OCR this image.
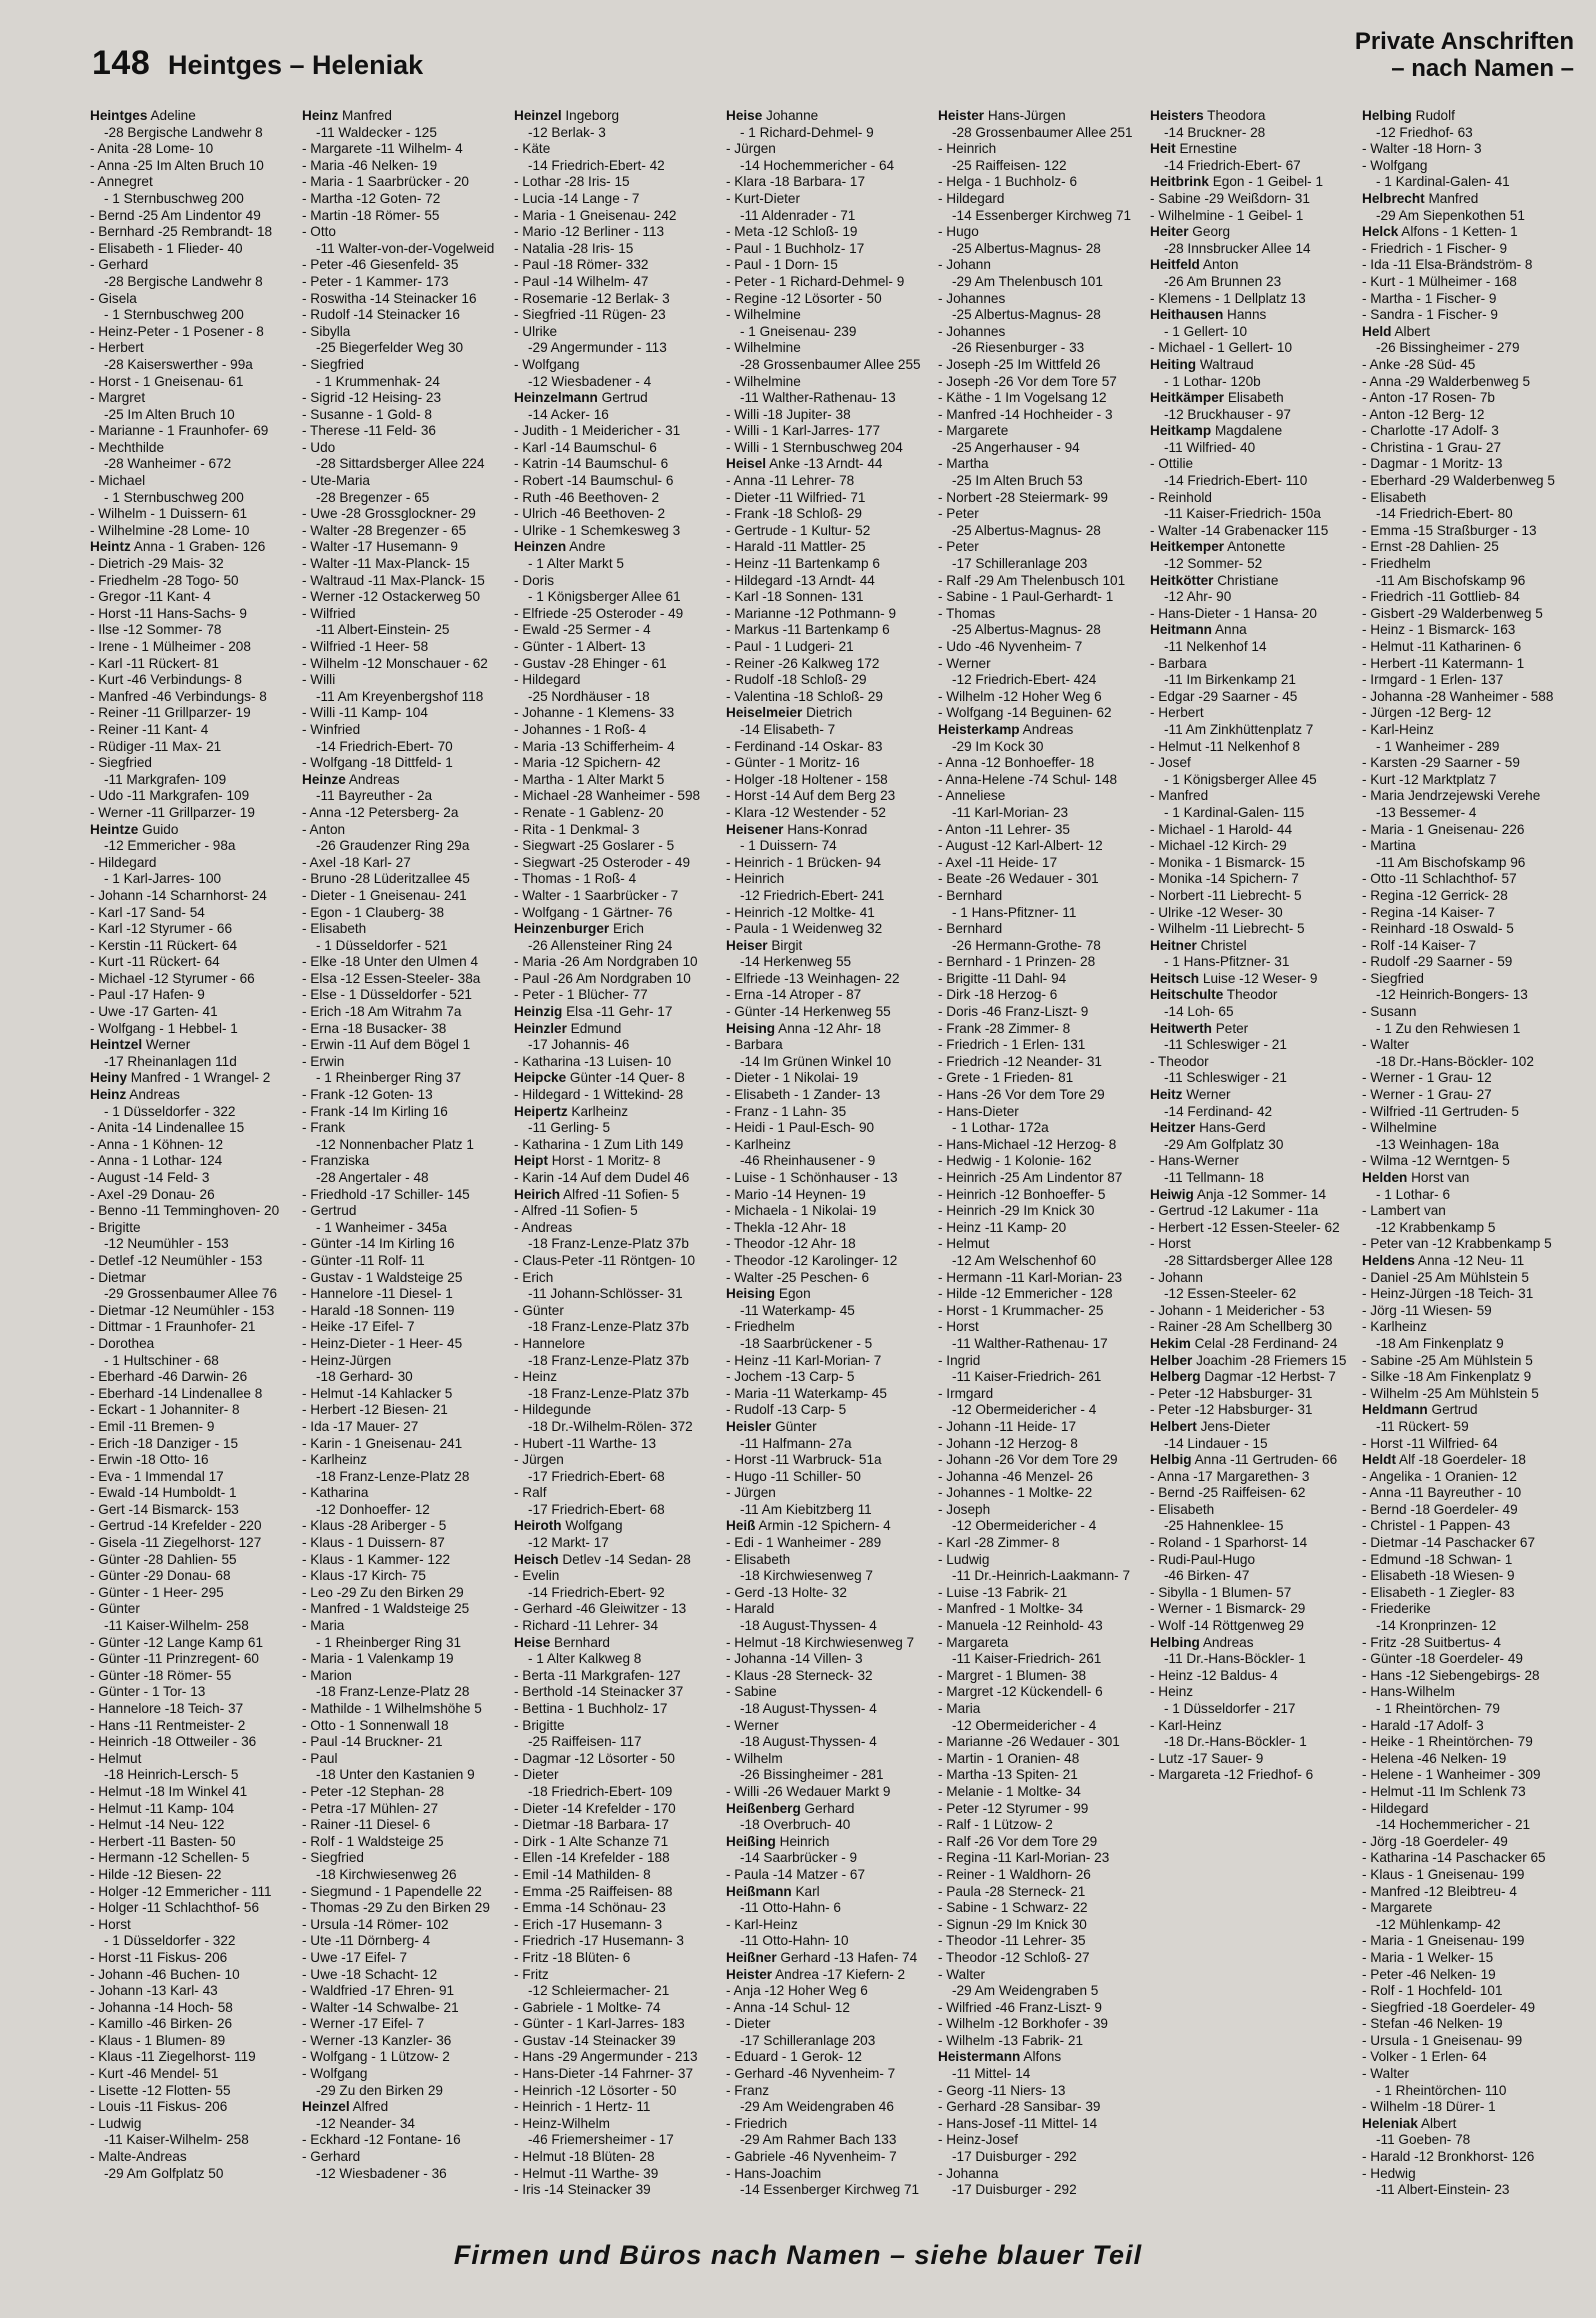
148 Heintges – Heleniak
Private Anschriften
– nach Namen –
Heintges Adeline
-28 Bergische Landwehr 8
- Anita -28 Lome- 10
- Anna -25 Im Alten Bruch 10
- Annegret
- 1 Sternbuschweg 200
- Bernd -25 Am Lindentor 49
- Bernhard -25 Rembrandt- 18
- Elisabeth - 1 Flieder- 40
- Gerhard
-28 Bergische Landwehr 8
- Gisela
- 1 Sternbuschweg 200
- Heinz-Peter - 1 Posener - 8
- Herbert
-28 Kaiserswerther - 99a
- Horst - 1 Gneisenau- 61
- Margret
-25 Im Alten Bruch 10
- Marianne - 1 Fraunhofer- 69
- Mechthilde
-28 Wanheimer - 672
- Michael
- 1 Sternbuschweg 200
- Wilhelm - 1 Duissern- 61
- Wilhelmine -28 Lome- 10
Heintz Anna - 1 Graben- 126
- Dietrich -29 Mais- 32
- Friedhelm -28 Togo- 50
- Gregor -11 Kant- 4
- Horst -11 Hans-Sachs- 9
- Ilse -12 Sommer- 78
- Irene - 1 Mülheimer - 208
- Karl -11 Rückert- 81
- Kurt -46 Verbindungs- 8
- Manfred -46 Verbindungs- 8
- Reiner -11 Grillparzer- 19
- Reiner -11 Kant- 4
- Rüdiger -11 Max- 21
- Siegfried
-11 Markgrafen- 109
- Udo -11 Markgrafen- 109
- Werner -11 Grillparzer- 19
Heintze Guido
-12 Emmericher - 98a
- Hildegard
- 1 Karl-Jarres- 100
- Johann -14 Scharnhorst- 24
- Karl -17 Sand- 54
- Karl -12 Styrumer - 66
- Kerstin -11 Rückert- 64
- Kurt -11 Rückert- 64
- Michael -12 Styrumer - 66
- Paul -17 Hafen- 9
- Uwe -17 Garten- 41
- Wolfgang - 1 Hebbel- 1
Heintzel Werner
-17 Rheinanlagen 11d
Heiny Manfred - 1 Wrangel- 2
Heinz Andreas
- 1 Düsseldorfer - 322
- Anita -14 Lindenallee 15
- Anna - 1 Köhnen- 12
- Anna - 1 Lothar- 124
- August -14 Feld- 3
- Axel -29 Donau- 26
- Benno -11 Temminghoven- 20
- Brigitte
-12 Neumühler - 153
- Detlef -12 Neumühler - 153
- Dietmar
-29 Grossenbaumer Allee 76
- Dietmar -12 Neumühler - 153
- Dittmar - 1 Fraunhofer- 21
- Dorothea
- 1 Hultschiner - 68
- Eberhard -46 Darwin- 26
- Eberhard -14 Lindenallee 8
- Eckart - 1 Johanniter- 8
- Emil -11 Bremen- 9
- Erich -18 Danziger - 15
- Erwin -18 Otto- 16
- Eva - 1 Immendal 17
- Ewald -14 Humboldt- 1
- Gert -14 Bismarck- 153
- Gertrud -14 Krefelder - 220
- Gisela -11 Ziegelhorst- 127
- Günter -28 Dahlien- 55
- Günter -29 Donau- 68
- Günter - 1 Heer- 295
- Günter
-11 Kaiser-Wilhelm- 258
- Günter -12 Lange Kamp 61
- Günter -11 Prinzregent- 60
- Günter -18 Römer- 55
- Günter - 1 Tor- 13
- Hannelore -18 Teich- 37
- Hans -11 Rentmeister- 2
- Heinrich -18 Ottweiler - 36
- Helmut
-18 Heinrich-Lersch- 5
- Helmut -18 Im Winkel 41
- Helmut -11 Kamp- 104
- Helmut -14 Neu- 122
- Herbert -11 Basten- 50
- Hermann -12 Schellen- 5
- Hilde -12 Biesen- 22
- Holger -12 Emmericher - 111
- Holger -11 Schlachthof- 56
- Horst
- 1 Düsseldorfer - 322
- Horst -11 Fiskus- 206
- Johann -46 Buchen- 10
- Johann -13 Karl- 43
- Johanna -14 Hoch- 58
- Kamillo -46 Birken- 26
- Klaus - 1 Blumen- 89
- Klaus -11 Ziegelhorst- 119
- Kurt -46 Mendel- 51
- Lisette -12 Flotten- 55
- Louis -11 Fiskus- 206
- Ludwig
-11 Kaiser-Wilhelm- 258
- Malte-Andreas
-29 Am Golfplatz 50
Heinz Manfred
-11 Waldecker - 125
- Margarete -11 Wilhelm- 4
- Maria -46 Nelken- 19
- Maria - 1 Saarbrücker - 20
- Martha -12 Goten- 72
- Martin -18 Römer- 55
- Otto
-11 Walter-von-der-Vogelweid
- Peter -46 Giesenfeld- 35
- Peter - 1 Kammer- 173
- Roswitha -14 Steinacker 16
- Rudolf -14 Steinacker 16
- Sibylla
-25 Biegerfelder Weg 30
- Siegfried
- 1 Krummenhak- 24
- Sigrid -12 Heising- 23
- Susanne - 1 Gold- 8
- Therese -11 Feld- 36
- Udo
-28 Sittardsberger Allee 224
- Ute-Maria
-28 Bregenzer - 65
- Uwe -28 Grossglockner- 29
- Walter -28 Bregenzer - 65
- Walter -17 Husemann- 9
- Walter -11 Max-Planck- 15
- Waltraud -11 Max-Planck- 15
- Werner -12 Ostackerweg 50
- Wilfried
-11 Albert-Einstein- 25
- Wilfried -1 Heer- 58
- Wilhelm -12 Monschauer - 62
- Willi
-11 Am Kreyenbergshof 118
- Willi -11 Kamp- 104
- Winfried
-14 Friedrich-Ebert- 70
- Wolfgang -18 Dittfeld- 1
Heinze Andreas
-11 Bayreuther - 2a
- Anna -12 Petersberg- 2a
- Anton
-26 Graudenzer Ring 29a
- Axel -18 Karl- 27
- Bruno -28 Lüderitzallee 45
- Dieter - 1 Gneisenau- 241
- Egon - 1 Clauberg- 38
- Elisabeth
- 1 Düsseldorfer - 521
- Elke -18 Unter den Ulmen 4
- Elsa -12 Essen-Steeler- 38a
- Else - 1 Düsseldorfer - 521
- Erich -18 Am Witrahm 7a
- Erna -18 Busacker- 38
- Erwin -11 Auf dem Bögel 1
- Erwin
- 1 Rheinberger Ring 37
- Frank -12 Goten- 13
- Frank -14 Im Kirling 16
- Frank
-12 Nonnenbacher Platz 1
- Franziska
-28 Angertaler - 48
- Friedhold -17 Schiller- 145
- Gertrud
- 1 Wanheimer - 345a
- Günter -14 Im Kirling 16
- Günter -11 Rolf- 11
- Gustav - 1 Waldsteige 25
- Hannelore -11 Diesel- 1
- Harald -18 Sonnen- 119
- Heike -17 Eifel- 7
- Heinz-Dieter - 1 Heer- 45
- Heinz-Jürgen
-18 Gerhard- 30
- Helmut -14 Kahlacker 5
- Herbert -12 Biesen- 21
- Ida -17 Mauer- 27
- Karin - 1 Gneisenau- 241
- Karlheinz
-18 Franz-Lenze-Platz 28
- Katharina
-12 Donhoeffer- 12
- Klaus -28 Ariberger - 5
- Klaus - 1 Duissern- 87
- Klaus - 1 Kammer- 122
- Klaus -17 Kirch- 75
- Leo -29 Zu den Birken 29
- Manfred - 1 Waldsteige 25
- Maria
- 1 Rheinberger Ring 31
- Maria - 1 Valenkamp 19
- Marion
-18 Franz-Lenze-Platz 28
- Mathilde - 1 Wilhelmshöhe 5
- Otto - 1 Sonnenwall 18
- Paul -14 Bruckner- 21
- Paul
-18 Unter den Kastanien 9
- Peter -12 Stephan- 28
- Petra -17 Mühlen- 27
- Rainer -11 Diesel- 6
- Rolf - 1 Waldsteige 25
- Siegfried
-18 Kirchwiesenweg 26
- Siegmund - 1 Papendelle 22
- Thomas -29 Zu den Birken 29
- Ursula -14 Römer- 102
- Ute -11 Dörnberg- 4
- Uwe -17 Eifel- 7
- Uwe -18 Schacht- 12
- Waldfried -17 Ehren- 91
- Walter -14 Schwalbe- 21
- Werner -17 Eifel- 7
- Werner -13 Kanzler- 36
- Wolfgang - 1 Lützow- 2
- Wolfgang
-29 Zu den Birken 29
Heinzel Alfred
-12 Neander- 34
- Eckhard -12 Fontane- 16
- Gerhard
-12 Wiesbadener - 36
Heinzel Ingeborg
-12 Berlak- 3
- Käte
-14 Friedrich-Ebert- 42
- Lothar -28 Iris- 15
- Lucia -14 Lange - 7
- Maria - 1 Gneisenau- 242
- Mario -12 Berliner - 113
- Natalia -28 Iris- 15
- Paul -18 Römer- 332
- Paul -14 Wilhelm- 47
- Rosemarie -12 Berlak- 3
- Siegfried -11 Rügen- 23
- Ulrike
-29 Angermunder - 113
- Wolfgang
-12 Wiesbadener - 4
Heinzelmann Gertrud
-14 Acker- 16
- Judith - 1 Meidericher - 31
- Karl -14 Baumschul- 6
- Katrin -14 Baumschul- 6
- Robert -14 Baumschul- 6
- Ruth -46 Beethoven- 2
- Ulrich -46 Beethoven- 2
- Ulrike - 1 Schemkesweg 3
Heinzen Andre
- 1 Alter Markt 5
- Doris
- 1 Königsberger Allee 61
- Elfriede -25 Osteroder - 49
- Ewald -25 Sermer - 4
- Günter - 1 Albert- 13
- Gustav -28 Ehinger - 61
- Hildegard
-25 Nordhäuser - 18
- Johanne - 1 Klemens- 33
- Johannes - 1 Roß- 4
- Maria -13 Schifferheim- 4
- Maria -12 Spichern- 42
- Martha - 1 Alter Markt 5
- Michael -28 Wanheimer - 598
- Renate - 1 Gablenz- 20
- Rita - 1 Denkmal- 3
- Siegwart -25 Goslarer - 5
- Siegwart -25 Osteroder - 49
- Thomas - 1 Roß- 4
- Walter - 1 Saarbrücker - 7
- Wolfgang - 1 Gärtner- 76
Heinzenburger Erich
-26 Allensteiner Ring 24
- Maria -26 Am Nordgraben 10
- Paul -26 Am Nordgraben 10
- Peter - 1 Blücher- 77
Heinzig Elsa -11 Gehr- 17
Heinzler Edmund
-17 Johannis- 46
- Katharina -13 Luisen- 10
Heipcke Günter -14 Quer- 8
- Hildegard - 1 Wittekind- 28
Heipertz Karlheinz
-11 Gerling- 5
- Katharina - 1 Zum Lith 149
Heipt Horst - 1 Moritz- 8
- Karin -14 Auf dem Dudel 46
Heirich Alfred -11 Sofien- 5
- Alfred -11 Sofien- 5
- Andreas
-18 Franz-Lenze-Platz 37b
- Claus-Peter -11 Röntgen- 10
- Erich
-11 Johann-Schlösser- 31
- Günter
-18 Franz-Lenze-Platz 37b
- Hannelore
-18 Franz-Lenze-Platz 37b
- Heinz
-18 Franz-Lenze-Platz 37b
- Hildegunde
-18 Dr.-Wilhelm-Rölen- 372
- Hubert -11 Warthe- 13
- Jürgen
-17 Friedrich-Ebert- 68
- Ralf
-17 Friedrich-Ebert- 68
Heiroth Wolfgang
-12 Markt- 17
Heisch Detlev -14 Sedan- 28
- Evelin
-14 Friedrich-Ebert- 92
- Gerhard -46 Gleiwitzer - 13
- Richard -11 Lehrer- 34
Heise Bernhard
- 1 Alter Kalkweg 8
- Berta -11 Markgrafen- 127
- Berthold -14 Steinacker 37
- Bettina - 1 Buchholz- 17
- Brigitte
-25 Raiffeisen- 117
- Dagmar -12 Lösorter - 50
- Dieter
-18 Friedrich-Ebert- 109
- Dieter -14 Krefelder - 170
- Dietmar -18 Barbara- 17
- Dirk - 1 Alte Schanze 71
- Ellen -14 Krefelder - 188
- Emil -14 Mathilden- 8
- Emma -25 Raiffeisen- 88
- Emma -14 Schönau- 23
- Erich -17 Husemann- 3
- Friedrich -17 Husemann- 3
- Fritz -18 Blüten- 6
- Fritz
-12 Schleiermacher- 21
- Gabriele - 1 Moltke- 74
- Günter - 1 Karl-Jarres- 183
- Gustav -14 Steinacker 39
- Hans -29 Angermunder - 213
- Hans-Dieter -14 Fahrner- 37
- Heinrich -12 Lösorter - 50
- Heinrich - 1 Hertz- 11
- Heinz-Wilhelm
-46 Friemersheimer - 17
- Helmut -18 Blüten- 28
- Helmut -11 Warthe- 39
- Iris -14 Steinacker 39
Heise Johanne
- 1 Richard-Dehmel- 9
- Jürgen
-14 Hochemmericher - 64
- Klara -18 Barbara- 17
- Kurt-Dieter
-11 Aldenrader - 71
- Meta -12 Schloß- 19
- Paul - 1 Buchholz- 17
- Paul - 1 Dorn- 15
- Peter - 1 Richard-Dehmel- 9
- Regine -12 Lösorter - 50
- Wilhelmine
- 1 Gneisenau- 239
- Wilhelmine
-28 Grossenbaumer Allee 255
- Wilhelmine
-11 Walther-Rathenau- 13
- Willi -18 Jupiter- 38
- Willi - 1 Karl-Jarres- 177
- Willi - 1 Sternbuschweg 204
Heisel Anke -13 Arndt- 44
- Anna -11 Lehrer- 78
- Dieter -11 Wilfried- 71
- Frank -18 Schloß- 29
- Gertrude - 1 Kultur- 52
- Harald -11 Mattler- 25
- Heinz -11 Bartenkamp 6
- Hildegard -13 Arndt- 44
- Karl -18 Sonnen- 131
- Marianne -12 Pothmann- 9
- Markus -11 Bartenkamp 6
- Paul - 1 Ludgeri- 21
- Reiner -26 Kalkweg 172
- Rudolf -18 Schloß- 29
- Valentina -18 Schloß- 29
Heiselmeier Dietrich
-14 Elisabeth- 7
- Ferdinand -14 Oskar- 83
- Günter - 1 Moritz- 16
- Holger -18 Holtener - 158
- Horst -14 Auf dem Berg 23
- Klara -12 Westender - 52
Heisener Hans-Konrad
- 1 Duissern- 74
- Heinrich - 1 Brücken- 94
- Heinrich
-12 Friedrich-Ebert- 241
- Heinrich -12 Moltke- 41
- Paula - 1 Weidenweg 32
Heiser Birgit
-14 Herkenweg 55
- Elfriede -13 Weinhagen- 22
- Erna -14 Atroper - 87
- Günter -14 Herkenweg 55
Heising Anna -12 Ahr- 18
- Barbara
-14 Im Grünen Winkel 10
- Dieter - 1 Nikolai- 19
- Elisabeth - 1 Zander- 13
- Franz - 1 Lahn- 35
- Heidi - 1 Paul-Esch- 90
- Karlheinz
-46 Rheinhausener - 9
- Luise - 1 Schönhauser - 13
- Mario -14 Heynen- 19
- Michaela - 1 Nikolai- 19
- Thekla -12 Ahr- 18
- Theodor -12 Ahr- 18
- Theodor -12 Karolinger- 12
- Walter -25 Peschen- 6
Heising Egon
-11 Waterkamp- 45
- Friedhelm
-18 Saarbrückener - 5
- Heinz -11 Karl-Morian- 7
- Jochem -13 Carp- 5
- Maria -11 Waterkamp- 45
- Rudolf -13 Carp- 5
Heisler Günter
-11 Halfmann- 27a
- Horst -11 Warbruck- 51a
- Hugo -11 Schiller- 50
- Jürgen
-11 Am Kiebitzberg 11
Heiß Armin -12 Spichern- 4
- Edi - 1 Wanheimer - 289
- Elisabeth
-18 Kirchwiesenweg 7
- Gerd -13 Holte- 32
- Harald
-18 August-Thyssen- 4
- Helmut -18 Kirchwiesenweg 7
- Johanna -14 Villen- 3
- Klaus -28 Sterneck- 32
- Sabine
-18 August-Thyssen- 4
- Werner
-18 August-Thyssen- 4
- Wilhelm
-26 Bissingheimer - 281
- Willi -26 Wedauer Markt 9
Heißenberg Gerhard
-18 Overbruch- 40
Heißing Heinrich
-14 Saarbrücker - 9
- Paula -14 Matzer - 67
Heißmann Karl
-11 Otto-Hahn- 6
- Karl-Heinz
-11 Otto-Hahn- 10
Heißner Gerhard -13 Hafen- 74
Heister Andrea -17 Kiefern- 2
- Anja -12 Hoher Weg 6
- Anna -14 Schul- 12
- Dieter
-17 Schilleranlage 203
- Eduard - 1 Gerok- 12
- Gerhard -46 Nyvenheim- 7
- Franz
-29 Am Weidengraben 46
- Friedrich
-29 Am Rahmer Bach 133
- Gabriele -46 Nyvenheim- 7
- Hans-Joachim
-14 Essenberger Kirchweg 71
Heister Hans-Jürgen
-28 Grossenbaumer Allee 251
- Heinrich
-25 Raiffeisen- 122
- Helga - 1 Buchholz- 6
- Hildegard
-14 Essenberger Kirchweg 71
- Hugo
-25 Albertus-Magnus- 28
- Johann
-29 Am Thelenbusch 101
- Johannes
-25 Albertus-Magnus- 28
- Johannes
-26 Riesenburger - 33
- Joseph -25 Im Wittfeld 26
- Joseph -26 Vor dem Tore 57
- Käthe - 1 Im Vogelsang 12
- Manfred -14 Hochheider - 3
- Margarete
-25 Angerhauser - 94
- Martha
-25 Im Alten Bruch 53
- Norbert -28 Steiermark- 99
- Peter
-25 Albertus-Magnus- 28
- Peter
-17 Schilleranlage 203
- Ralf -29 Am Thelenbusch 101
- Sabine - 1 Paul-Gerhardt- 1
- Thomas
-25 Albertus-Magnus- 28
- Udo -46 Nyvenheim- 7
- Werner
-12 Friedrich-Ebert- 424
- Wilhelm -12 Hoher Weg 6
- Wolfgang -14 Beguinen- 62
Heisterkamp Andreas
-29 Im Kock 30
- Anna -12 Bonhoeffer- 18
- Anna-Helene -74 Schul- 148
- Anneliese
-11 Karl-Morian- 23
- Anton -11 Lehrer- 35
- August -12 Karl-Albert- 12
- Axel -11 Heide- 17
- Beate -26 Wedauer - 301
- Bernhard
- 1 Hans-Pfitzner- 11
- Bernhard
-26 Hermann-Grothe- 78
- Bernhard - 1 Prinzen- 28
- Brigitte -11 Dahl- 94
- Dirk -18 Herzog- 6
- Doris -46 Franz-Liszt- 9
- Frank -28 Zimmer- 8
- Friedrich - 1 Erlen- 131
- Friedrich -12 Neander- 31
- Grete - 1 Frieden- 81
- Hans -26 Vor dem Tore 29
- Hans-Dieter
- 1 Lothar- 172a
- Hans-Michael -12 Herzog- 8
- Hedwig - 1 Kolonie- 162
- Heinrich -25 Am Lindentor 87
- Heinrich -12 Bonhoeffer- 5
- Heinrich -29 Im Knick 30
- Heinz -11 Kamp- 20
- Helmut
-12 Am Welschenhof 60
- Hermann -11 Karl-Morian- 23
- Hilde -12 Emmericher - 128
- Horst - 1 Krummacher- 25
- Horst
-11 Walther-Rathenau- 17
- Ingrid
-11 Kaiser-Friedrich- 261
- Irmgard
-12 Obermeidericher - 4
- Johann -11 Heide- 17
- Johann -12 Herzog- 8
- Johann -26 Vor dem Tore 29
- Johanna -46 Menzel- 26
- Johannes - 1 Moltke- 22
- Joseph
-12 Obermeidericher - 4
- Karl -28 Zimmer- 8
- Ludwig
-11 Dr.-Heinrich-Laakmann- 7
- Luise -13 Fabrik- 21
- Manfred - 1 Moltke- 34
- Manuela -12 Reinhold- 43
- Margareta
-11 Kaiser-Friedrich- 261
- Margret - 1 Blumen- 38
- Margret -12 Kückendell- 6
- Maria
-12 Obermeidericher - 4
- Marianne -26 Wedauer - 301
- Martin - 1 Oranien- 48
- Martha -13 Spiten- 21
- Melanie - 1 Moltke- 34
- Peter -12 Styrumer - 99
- Ralf - 1 Lützow- 2
- Ralf -26 Vor dem Tore 29
- Regina -11 Karl-Morian- 23
- Reiner - 1 Waldhorn- 26
- Paula -28 Sterneck- 21
- Sabine - 1 Schwarz- 22
- Signun -29 Im Knick 30
- Theodor -11 Lehrer- 35
- Theodor -12 Schloß- 27
- Walter
-29 Am Weidengraben 5
- Wilfried -46 Franz-Liszt- 9
- Wilhelm -12 Borkhofer - 39
- Wilhelm -13 Fabrik- 21
Heistermann Alfons
-11 Mittel- 14
- Georg -11 Niers- 13
- Gerhard -28 Sansibar- 39
- Hans-Josef -11 Mittel- 14
- Heinz-Josef
-17 Duisburger - 292
- Johanna
-17 Duisburger - 292
Heisters Theodora
-14 Bruckner- 28
Heit Ernestine
-14 Friedrich-Ebert- 67
Heitbrink Egon - 1 Geibel- 1
- Sabine -29 Weißdorn- 31
- Wilhelmine - 1 Geibel- 1
Heiter Georg
-28 Innsbrucker Allee 14
Heitfeld Anton
-26 Am Brunnen 23
- Klemens - 1 Dellplatz 13
Heithausen Hanns
- 1 Gellert- 10
- Michael - 1 Gellert- 10
Heiting Waltraud
- 1 Lothar- 120b
Heitkämper Elisabeth
-12 Bruckhauser - 97
Heitkamp Magdalene
-11 Wilfried- 40
- Ottilie
-14 Friedrich-Ebert- 110
- Reinhold
-11 Kaiser-Friedrich- 150a
- Walter -14 Grabenacker 115
Heitkemper Antonette
-12 Sommer- 52
Heitkötter Christiane
-12 Ahr- 90
- Hans-Dieter - 1 Hansa- 20
Heitmann Anna
-11 Nelkenhof 14
- Barbara
-11 Im Birkenkamp 21
- Edgar -29 Saarner - 45
- Herbert
-11 Am Zinkhüttenplatz 7
- Helmut -11 Nelkenhof 8
- Josef
- 1 Königsberger Allee 45
- Manfred
- 1 Kardinal-Galen- 115
- Michael - 1 Harold- 44
- Michael -12 Kirch- 29
- Monika - 1 Bismarck- 15
- Monika -14 Spichern- 7
- Norbert -11 Liebrecht- 5
- Ulrike -12 Weser- 30
- Wilhelm -11 Liebrecht- 5
Heitner Christel
- 1 Hans-Pfitzner- 31
Heitsch Luise -12 Weser- 9
Heitschulte Theodor
-14 Loh- 65
Heitwerth Peter
-11 Schleswiger - 21
- Theodor
-11 Schleswiger - 21
Heitz Werner
-14 Ferdinand- 42
Heitzer Hans-Gerd
-29 Am Golfplatz 30
- Hans-Werner
-11 Tellmann- 18
Heiwig Anja -12 Sommer- 14
- Gertrud -12 Lakumer - 11a
- Herbert -12 Essen-Steeler- 62
- Horst
-28 Sittardsberger Allee 128
- Johann
-12 Essen-Steeler- 62
- Johann - 1 Meidericher - 53
- Rainer -28 Am Schellberg 30
Hekim Celal -28 Ferdinand- 24
Helber Joachim -28 Friemers 15
Helberg Dagmar -12 Herbst- 7
- Peter -12 Habsburger- 31
- Peter -12 Habsburger- 31
Helbert Jens-Dieter
-14 Lindauer - 15
Helbig Anna -11 Gertruden- 66
- Anna -17 Margarethen- 3
- Bernd -25 Raiffeisen- 62
- Elisabeth
-25 Hahnenklee- 15
- Roland - 1 Sparhorst- 14
- Rudi-Paul-Hugo
-46 Birken- 47
- Sibylla - 1 Blumen- 57
- Werner - 1 Bismarck- 29
- Wolf -14 Röttgenweg 29
Helbing Andreas
-11 Dr.-Hans-Böckler- 1
- Heinz -12 Baldus- 4
- Heinz
- 1 Düsseldorfer - 217
- Karl-Heinz
-18 Dr.-Hans-Böckler- 1
- Lutz -17 Sauer- 9
- Margareta -12 Friedhof- 6
Helbing Rudolf
-12 Friedhof- 63
- Walter -18 Horn- 3
- Wolfgang
- 1 Kardinal-Galen- 41
Helbrecht Manfred
-29 Am Siepenkothen 51
Helck Alfons - 1 Ketten- 1
- Friedrich - 1 Fischer- 9
- Ida -11 Elsa-Brändström- 8
- Kurt - 1 Mülheimer - 168
- Martha - 1 Fischer- 9
- Sandra - 1 Fischer- 9
Held Albert
-26 Bissingheimer - 279
- Anke -28 Süd- 45
- Anna -29 Walderbenweg 5
- Anton -17 Rosen- 7b
- Anton -12 Berg- 12
- Charlotte -17 Adolf- 3
- Christina - 1 Grau- 27
- Dagmar - 1 Moritz- 13
- Eberhard -29 Walderbenweg 5
- Elisabeth
-14 Friedrich-Ebert- 80
- Emma -15 Straßburger - 13
- Ernst -28 Dahlien- 25
- Friedhelm
-11 Am Bischofskamp 96
- Friedrich -11 Gottlieb- 84
- Gisbert -29 Walderbenweg 5
- Heinz - 1 Bismarck- 163
- Helmut -11 Katharinen- 6
- Herbert -11 Katermann- 1
- Irmgard - 1 Erlen- 137
- Johanna -28 Wanheimer - 588
- Jürgen -12 Berg- 12
- Karl-Heinz
- 1 Wanheimer - 289
- Karsten -29 Saarner - 59
- Kurt -12 Marktplatz 7
- Maria Jendrzejewski Verehe
-13 Bessemer- 4
- Maria - 1 Gneisenau- 226
- Martina
-11 Am Bischofskamp 96
- Otto -11 Schlachthof- 57
- Regina -12 Gerrick- 28
- Regina -14 Kaiser- 7
- Reinhard -18 Oswald- 5
- Rolf -14 Kaiser- 7
- Rudolf -29 Saarner - 59
- Siegfried
-12 Heinrich-Bongers- 13
- Susann
- 1 Zu den Rehwiesen 1
- Walter
-18 Dr.-Hans-Böckler- 102
- Werner - 1 Grau- 12
- Werner - 1 Grau- 27
- Wilfried -11 Gertruden- 5
- Wilhelmine
-13 Weinhagen- 18a
- Wilma -12 Werntgen- 5
Helden Horst van
- 1 Lothar- 6
- Lambert van
-12 Krabbenkamp 5
- Peter van -12 Krabbenkamp 5
Heldens Anna -12 Neu- 11
- Daniel -25 Am Mühlstein 5
- Heinz-Jürgen -18 Teich- 31
- Jörg -11 Wiesen- 59
- Karlheinz
-18 Am Finkenplatz 9
- Sabine -25 Am Mühlstein 5
- Silke -18 Am Finkenplatz 9
- Wilhelm -25 Am Mühlstein 5
Heldmann Gertrud
-11 Rückert- 59
- Horst -11 Wilfried- 64
Heldt Alf -18 Goerdeler- 18
- Angelika - 1 Oranien- 12
- Anna -11 Bayreuther - 10
- Bernd -18 Goerdeler- 49
- Christel - 1 Pappen- 43
- Dietmar -14 Paschacker 67
- Edmund -18 Schwan- 1
- Elisabeth -18 Wiesen- 9
- Elisabeth - 1 Ziegler- 83
- Friederike
-14 Kronprinzen- 12
- Fritz -28 Suitbertus- 4
- Günter -18 Goerdeler- 49
- Hans -12 Siebengebirgs- 28
- Hans-Wilhelm
- 1 Rheintörchen- 79
- Harald -17 Adolf- 3
- Heike - 1 Rheintörchen- 79
- Helena -46 Nelken- 19
- Helene - 1 Wanheimer - 309
- Helmut -11 Im Schlenk 73
- Hildegard
-14 Hochemmericher - 21
- Jörg -18 Goerdeler- 49
- Katharina -14 Paschacker 65
- Klaus - 1 Gneisenau- 199
- Manfred -12 Bleibtreu- 4
- Margarete
-12 Mühlenkamp- 42
- Maria - 1 Gneisenau- 199
- Maria - 1 Welker- 15
- Peter -46 Nelken- 19
- Rolf - 1 Hochfeld- 101
- Siegfried -18 Goerdeler- 49
- Stefan -46 Nelken- 19
- Ursula - 1 Gneisenau- 99
- Volker - 1 Erlen- 64
- Walter
- 1 Rheintörchen- 110
- Wilhelm -18 Dürer- 1
Heleniak Albert
-11 Goeben- 78
- Harald -12 Bronkhorst- 126
- Hedwig
-11 Albert-Einstein- 23
Firmen und Büros nach Namen – siehe blauer Teil
